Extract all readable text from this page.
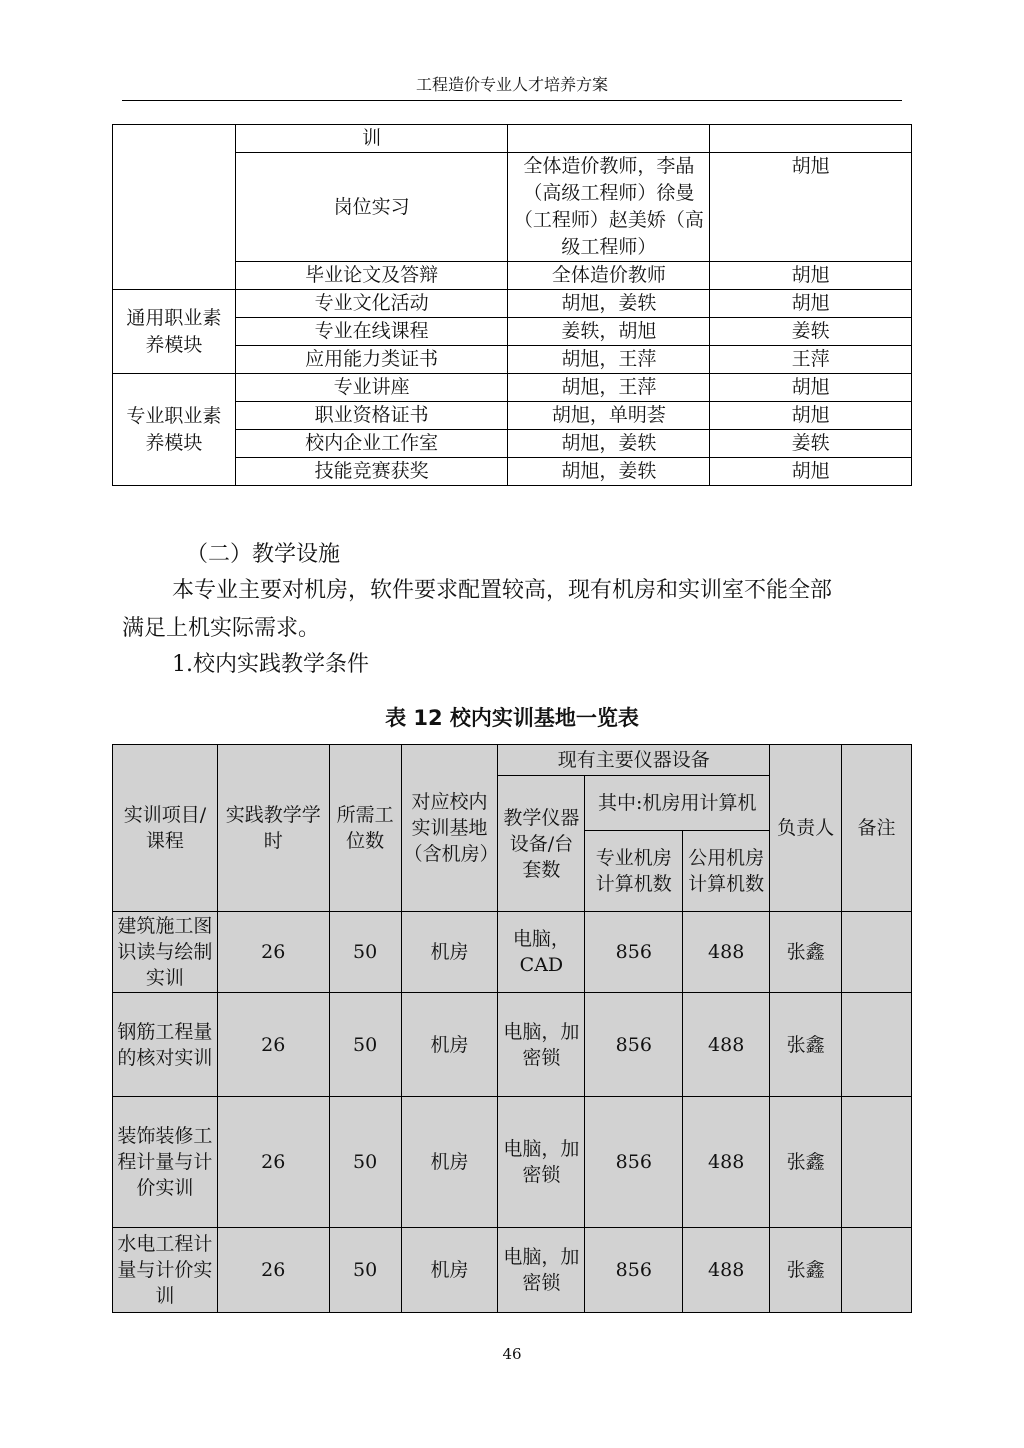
工程造价专业人才培养方案
	训		
	岗位实习	全体造价教师，李晶（高级工程师）徐曼（工程师）赵美娇（高级工程师）	胡旭
	毕业论文及答辩	全体造价教师	胡旭
通用职业素养模块	专业文化活动	胡旭，姜轶	胡旭
	专业在线课程	姜轶，胡旭	姜轶
	应用能力类证书	胡旭，王萍	王萍
专业职业素养模块	专业讲座	胡旭，王萍	胡旭
	职业资格证书	胡旭，单明荟	胡旭
	校内企业工作室	胡旭，姜轶	姜轶
	技能竞赛获奖	胡旭，姜轶	胡旭
（二）教学设施
本专业主要对机房，软件要求配置较高，现有机房和实训室不能全部
满足上机实际需求。
1.校内实践教学条件
表 12 校内实训基地一览表
实训项目/课程	实践教学学时	所需工位数	对应校内实训基地（含机房）	现有主要仪器设备			负责人	备注
				教学仪器设备/台套数	其中:机房用计算机			
					专业机房计算机数	公用机房计算机数		
建筑施工图识读与绘制实训	26	50	机房	电脑，CAD	856	488	张鑫	
钢筋工程量的核对实训	26	50	机房	电脑，加密锁	856	488	张鑫	
装饰装修工程计量与计价实训	26	50	机房	电脑，加密锁	856	488	张鑫	
水电工程计量与计价实训	26	50	机房	电脑，加密锁	856	488	张鑫	
46
